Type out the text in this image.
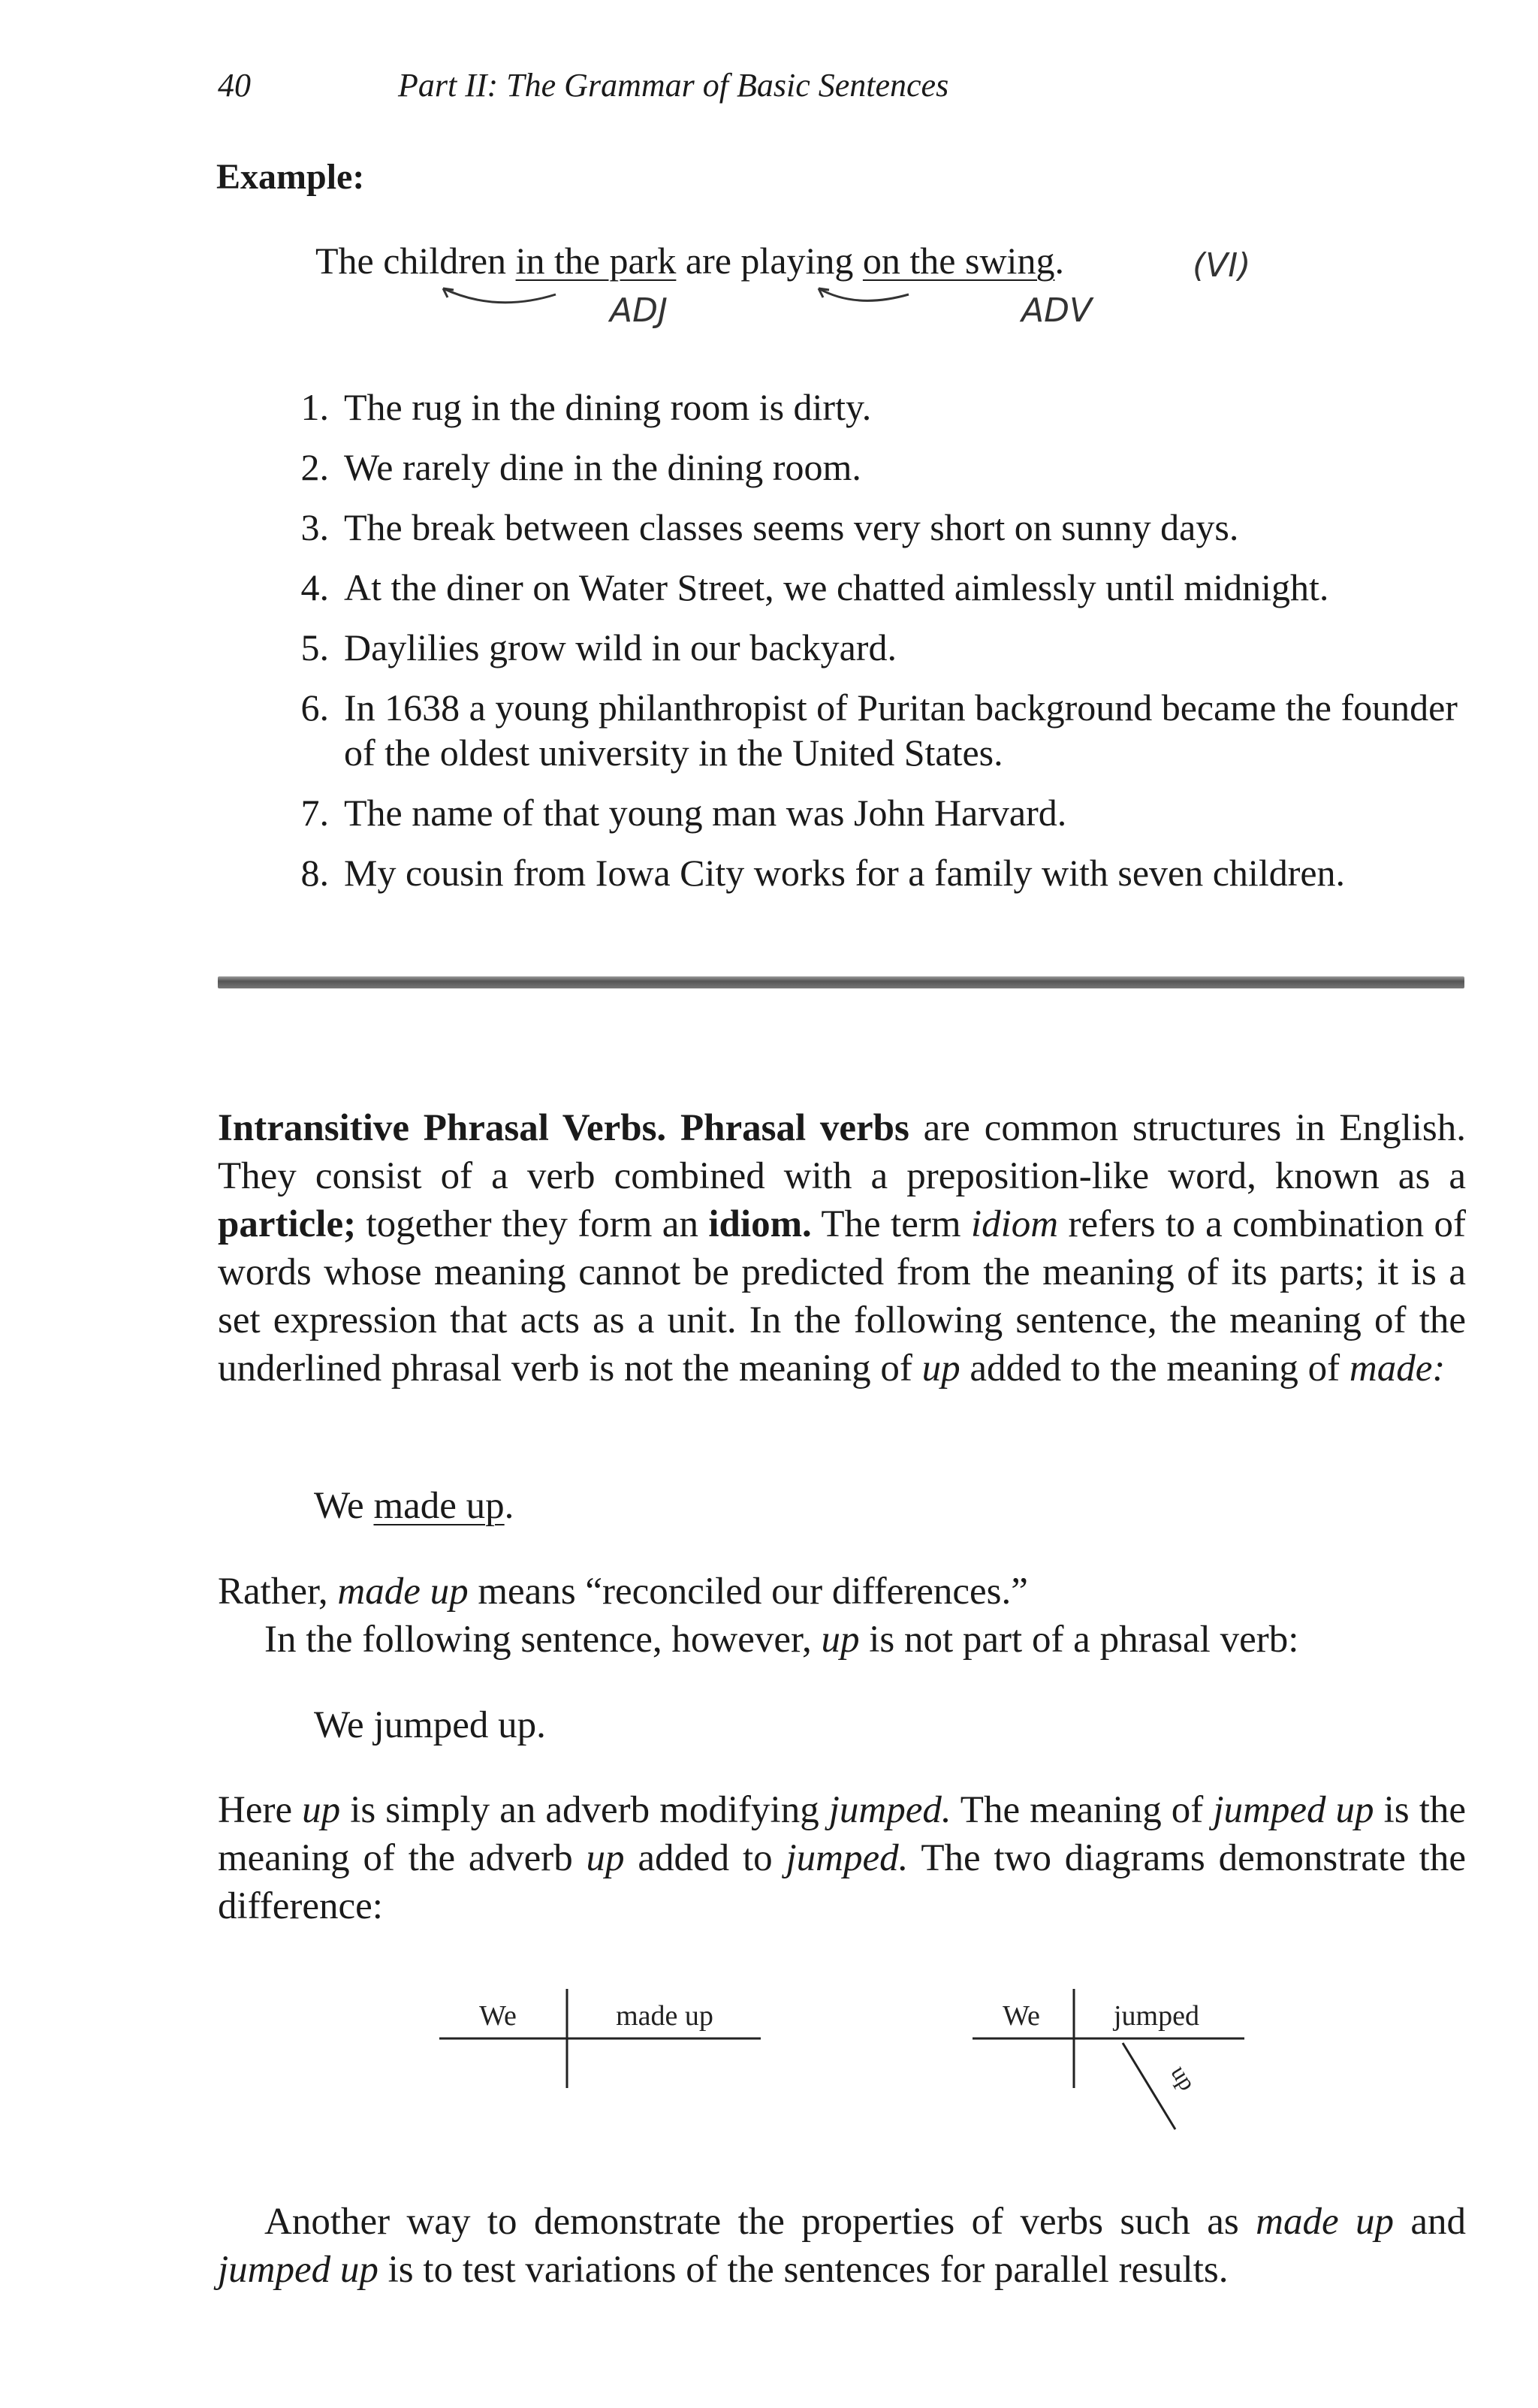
40	Part II: The Grammar of Basic Sentences
Example:
The children in the park are playing on the swing.
ADJ	ADV
(VI)
1. The rug in the dining room is dirty.
2. We rarely dine in the dining room.
3. The break between classes seems very short on sunny days.
4. At the diner on Water Street, we chatted aimlessly until midnight.
5. Daylilies grow wild in our backyard.
6. In 1638 a young philanthropist of Puritan background became the founder of the oldest university in the United States.
7. The name of that young man was John Harvard.
8. My cousin from Iowa City works for a family with seven children.

Intransitive Phrasal Verbs. Phrasal verbs are common structures in English. They consist of a verb combined with a preposition-like word, known as a particle; together they form an idiom. The term idiom refers to a combination of words whose meaning cannot be predicted from the meaning of its parts; it is a set expression that acts as a unit. In the following sentence, the meaning of the underlined phrasal verb is not the meaning of up added to the meaning of made:

We made up.
Rather, made up means “reconciled our differences.”
In the following sentence, however, up is not part of a phrasal verb:
We jumped up.

Here up is simply an adverb modifying jumped. The meaning of jumped up is the meaning of the adverb up added to jumped. The two diagrams demonstrate the difference:

We	made up	We	jumped
up

Another way to demonstrate the properties of verbs such as made up and jumped up is to test variations of the sentences for parallel results.
